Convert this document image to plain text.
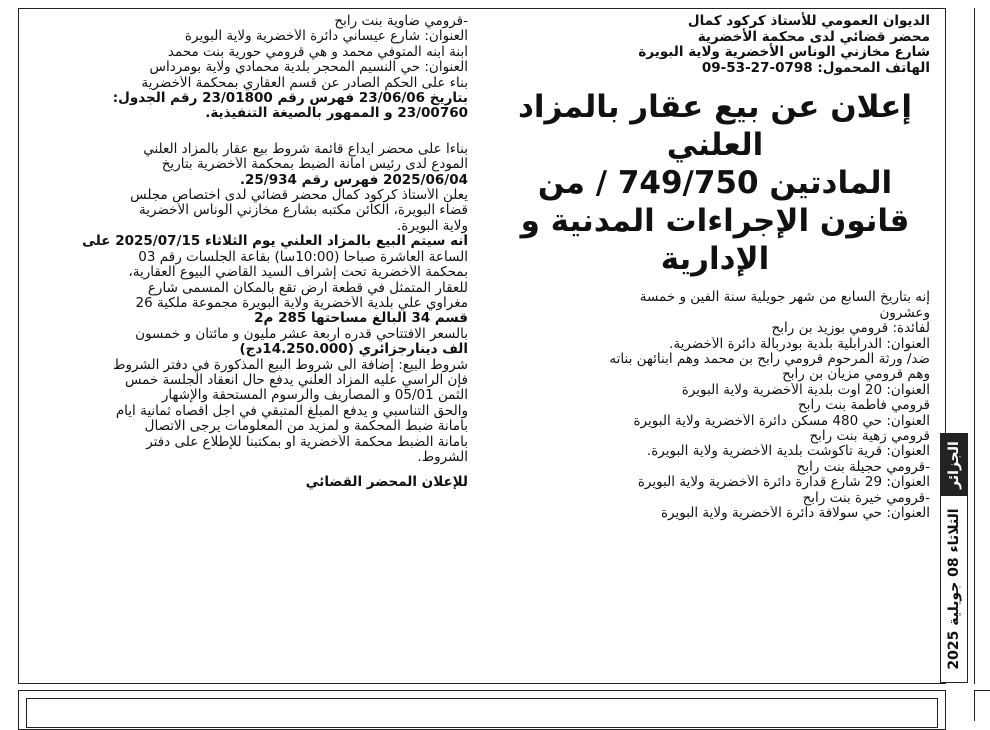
الديوان العمومي للأستاذ كركود كمال

محضر قضائي لدى محكمة الأخضرية

شارع مخازني الوناس الأخضرية ولاية البويرة

الهاتف المحمول: 0798-27-53-09

إعلان عن بيع عقار بالمزاد
العلني
المادتين 749/750 / من
قانون الإجراءات المدنية و
الإدارية

إنه بتاريخ السابع من شهر جويلية سنة ألفين و خمسة

وعشرون

لفائدة: قرومي بوزيد بن رابح

العنوان: الدرابلية بلدية بودربالة دائرة الأخضرية.

ضد/ ورثة المرحوم قرومي رابح بن محمد وهم أبنائهن بناته

وهم قرومي مزيان بن رابح

العنوان: 20 أوت بلدية الأخضرية ولاية البويرة

قرومي فاطمة بنت رابح

العنوان: حي 480 مسكن دائرة الأخضرية ولاية البويرة

قرومي زهية بنت رابح

العنوان: قرية تاكوشت بلدية الأخضرية ولاية البويرة.

-قرومي حجيلة بنت رابح

العنوان: 29 شارع قدارة دائرة الأخضرية ولاية البويرة

-قرومي خيرة بنت رابح

العنوان: حي سولافة دائرة الأخضرية ولاية البويرة

-قرومي ضاوية بنت رابح

العنوان: شارع عيساني دائرة الأخضرية ولاية البويرة

ابنة ابنه المتوفي محمد و هي قرومي حورية بنت محمد

العنوان: حي النسيم المحجر بلدية محمادي ولاية بومرداس

بناء على الحكم الصادر عن قسم العقاري بمحكمة الأخضرية

بتاريخ 23/06/06 فهرس رقم 23/01800 رقم الجدول:

23/00760 و الممهور بالصيغة التنفيذية.

بناءا على محضر ايداع قائمة شروط بيع عقار بالمزاد العلني

المودع لدى رئيس أمانة الضبط بمحكمة الأخضرية بتاريخ

2025/06/04 فهرس رقم 25/934.

يعلن الأستاذ كركود كمال محضر قضائي لدى اختصاص مجلس

قضاء البويرة، الكائن مكتبه بشارع مخازني الوناس الأخضرية

ولاية البويرة.

أنه سيتم البيع بالمزاد العلني يوم الثلاثاء 2025/07/15 على

الساعة العاشرة صباحا (10:00سا) بقاعة الجلسات رقم 03

بمحكمة الأخضرية تحت إشراف السيد القاضي البيوع العقارية،

للعقار المتمثل في قطعة ارض تقع بالمكان المسمى شارع

مغراوي علي بلدية الأخضرية ولاية البويرة مجموعة ملكية 26

قسم 34 البالغ مساحتها 285 م2

بالسعر الافتتاحي قدره أربعة عشر مليون و مائتان و خمسون

الف دينارجزائري (14.250.000دج)

شروط البيع: إضافة الى شروط البيع المذكورة في دفتر الشروط

فإن الراسي عليه المزاد العلني يدفع حال انعقاد الجلسة خمس

الثمن 05/01 و المصاريف والرسوم المستحقة والإشهار

والحق التناسبي و يدفع المبلغ المتبقي في أجل أقصاه ثمانية أيام

بأمانة ضبط المحكمة و لمزيد من المعلومات يرجى الاتصال

بأمانة الضبط محكمة الأخضرية أو بمكتبنا للإطلاع على دفتر

الشروط.

للإعلان المحضر القضائي	الجزائر
الثلاثاء 08 جويلية 2025
